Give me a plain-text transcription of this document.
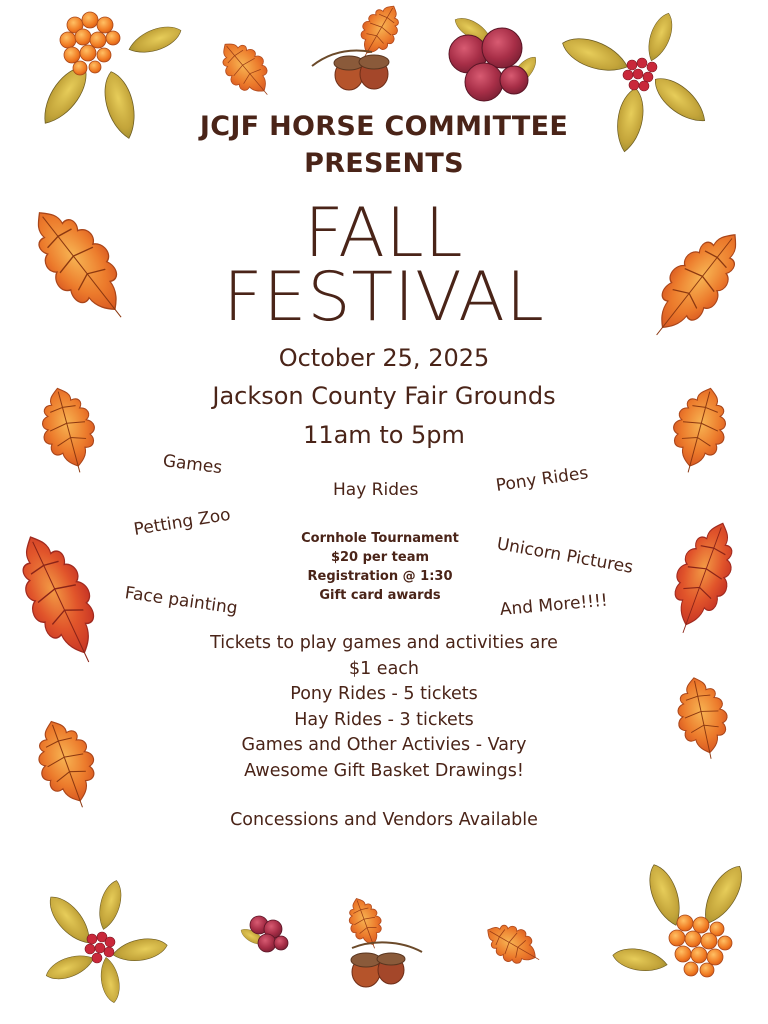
JCJF HORSE COMMITTEE
PRESENTS
FALL
FESTIVAL
October 25, 2025
Jackson County Fair Grounds
11am to 5pm
Games
Hay Rides	Pony Rides
Petting Zoo
Unicorn Pictures
Face painting	And More!!!!
Cornhole Tournament
$20 per team
Registration @ 1:30
Gift card awards
Tickets to play games and activities are
$1 each
Pony Rides - 5 tickets
Hay Rides - 3 tickets
Games and Other Activies - Vary
Awesome Gift Basket Drawings!
Concessions and Vendors Available
